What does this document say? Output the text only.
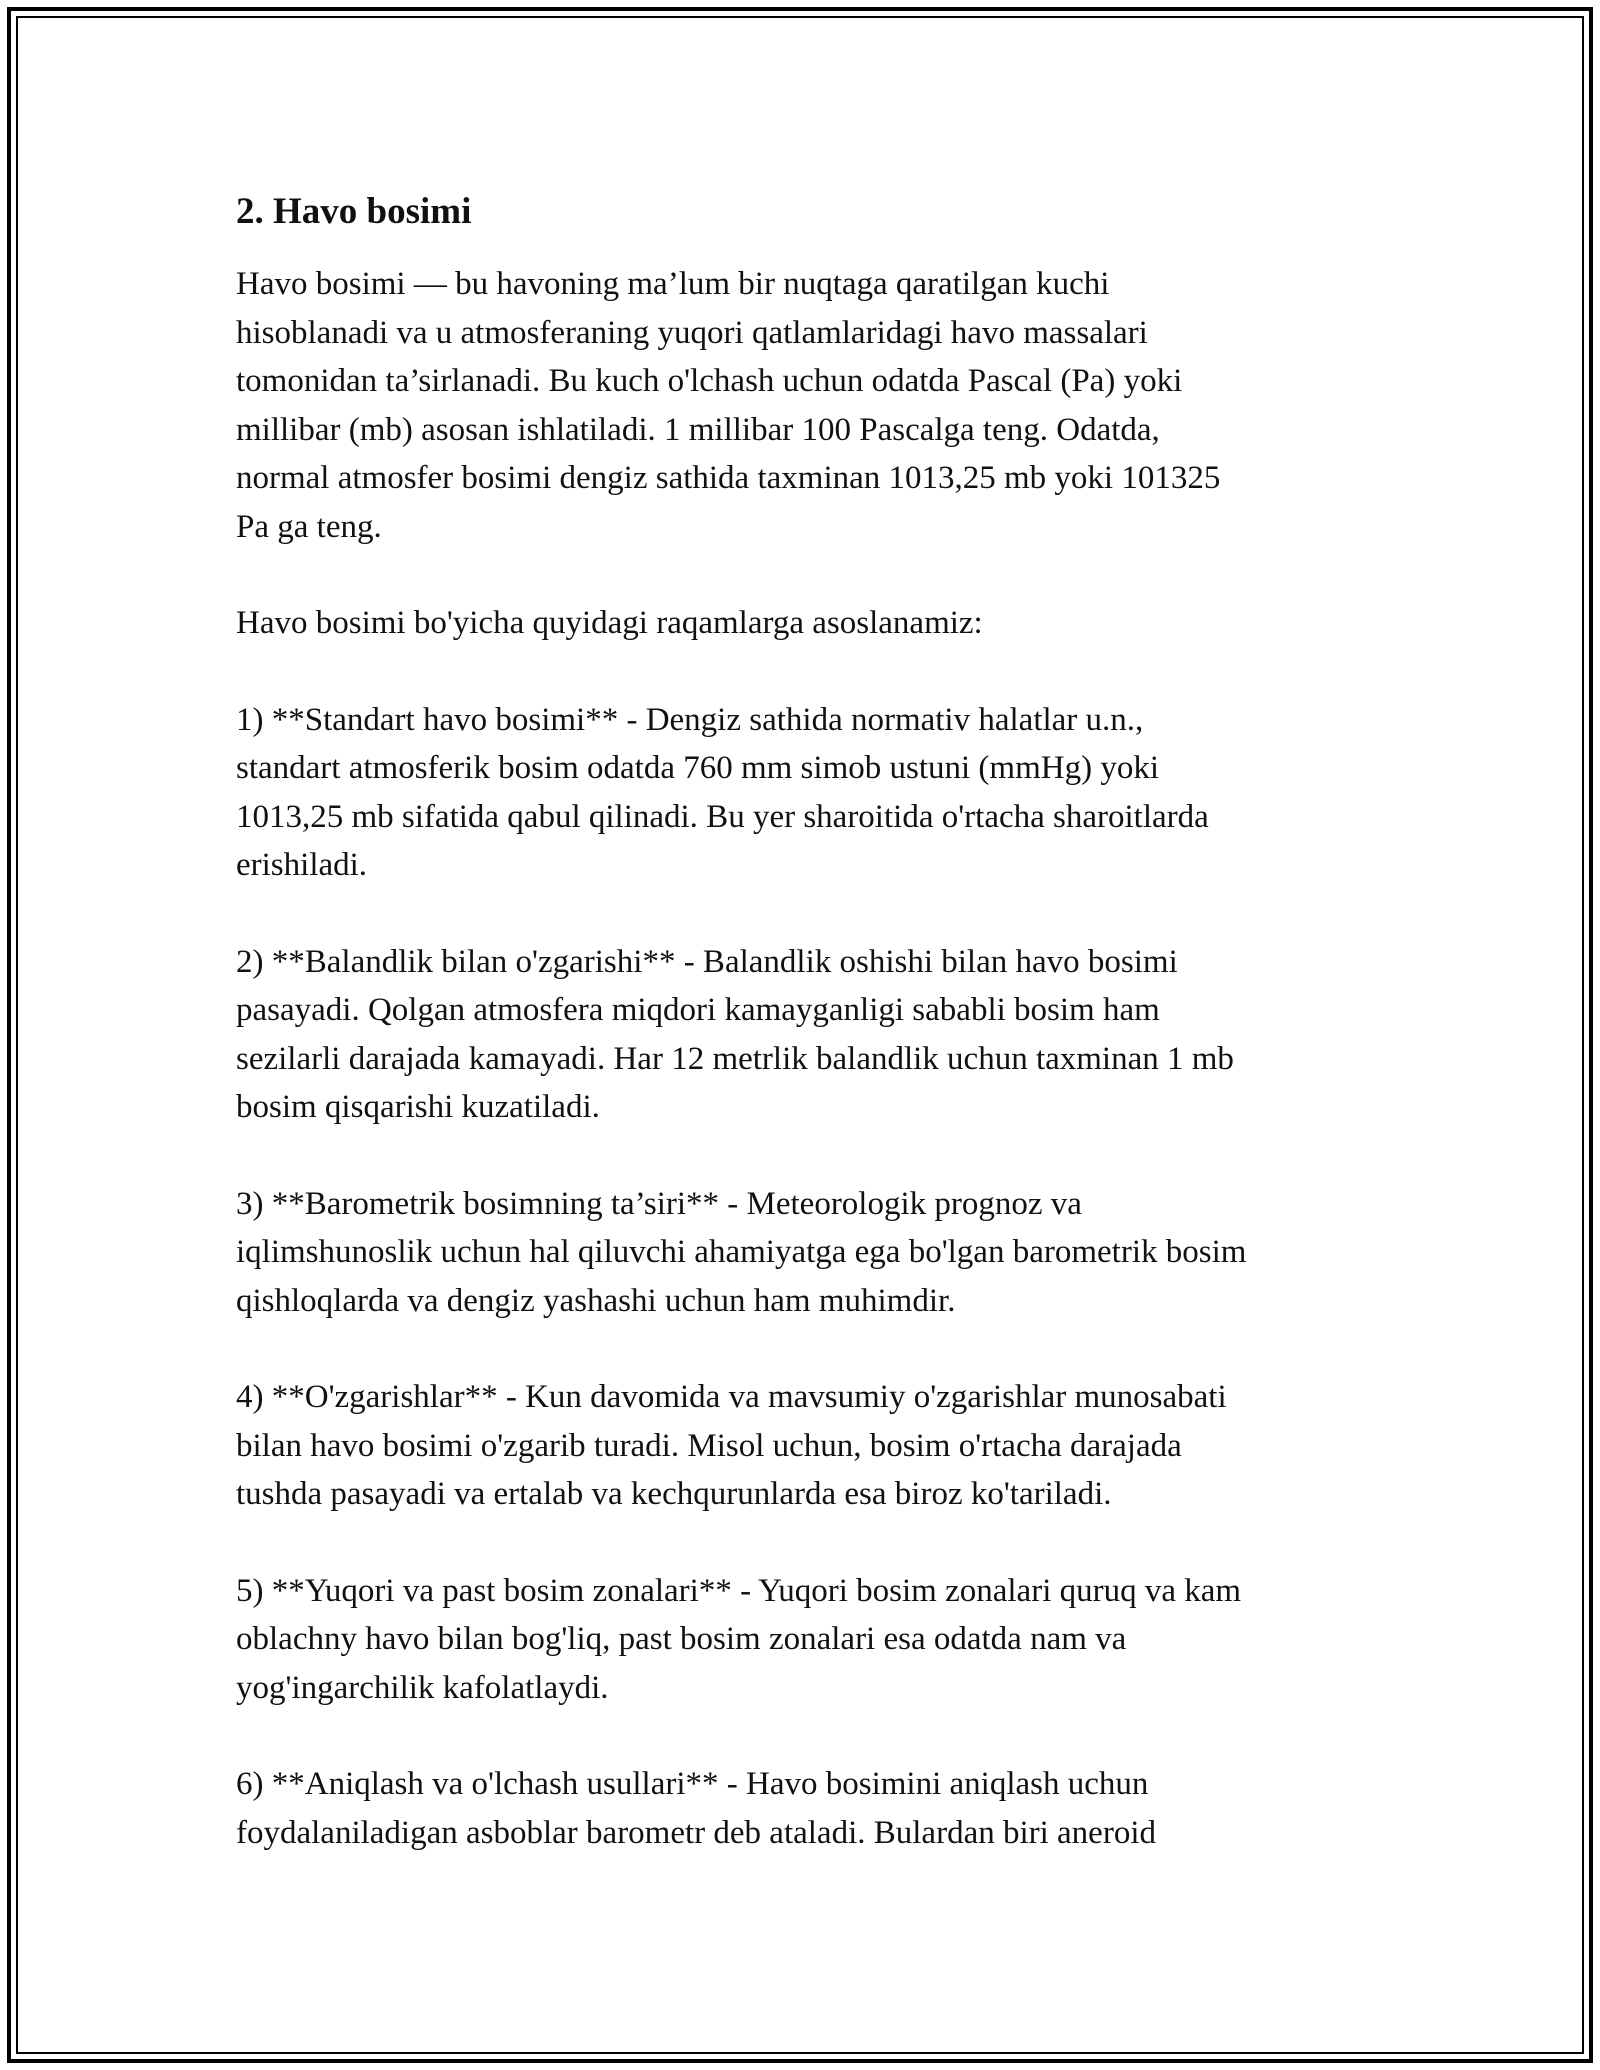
2. Havo bosimi

Havo bosimi — bu havoning ma’lum bir nuqtaga qaratilgan kuchi
hisoblanadi va u atmosferaning yuqori qatlamlaridagi havo massalari
tomonidan ta’sirlanadi. Bu kuch o'lchash uchun odatda Pascal (Pa) yoki
millibar (mb) asosan ishlatiladi. 1 millibar 100 Pascalga teng. Odatda,
normal atmosfer bosimi dengiz sathida taxminan 1013,25 mb yoki 101325
Pa ga teng.

Havo bosimi bo'yicha quyidagi raqamlarga asoslanamiz:

1) **Standart havo bosimi** - Dengiz sathida normativ halatlar u.n.,
standart atmosferik bosim odatda 760 mm simob ustuni (mmHg) yoki
1013,25 mb sifatida qabul qilinadi. Bu yer sharoitida o'rtacha sharoitlarda
erishiladi.

2) **Balandlik bilan o'zgarishi** - Balandlik oshishi bilan havo bosimi
pasayadi. Qolgan atmosfera miqdori kamayganligi sababli bosim ham
sezilarli darajada kamayadi. Har 12 metrlik balandlik uchun taxminan 1 mb
bosim qisqarishi kuzatiladi.

3) **Barometrik bosimning ta’siri** - Meteorologik prognoz va
iqlimshunoslik uchun hal qiluvchi ahamiyatga ega bo'lgan barometrik bosim
qishloqlarda va dengiz yashashi uchun ham muhimdir.

4) **O'zgarishlar** - Kun davomida va mavsumiy o'zgarishlar munosabati
bilan havo bosimi o'zgarib turadi. Misol uchun, bosim o'rtacha darajada
tushda pasayadi va ertalab va kechqurunlarda esa biroz ko'tariladi.

5) **Yuqori va past bosim zonalari** - Yuqori bosim zonalari quruq va kam
oblachny havo bilan bog'liq, past bosim zonalari esa odatda nam va
yog'ingarchilik kafolatlaydi.

6) **Aniqlash va o'lchash usullari** - Havo bosimini aniqlash uchun
foydalaniladigan asboblar barometr deb ataladi. Bulardan biri aneroid
